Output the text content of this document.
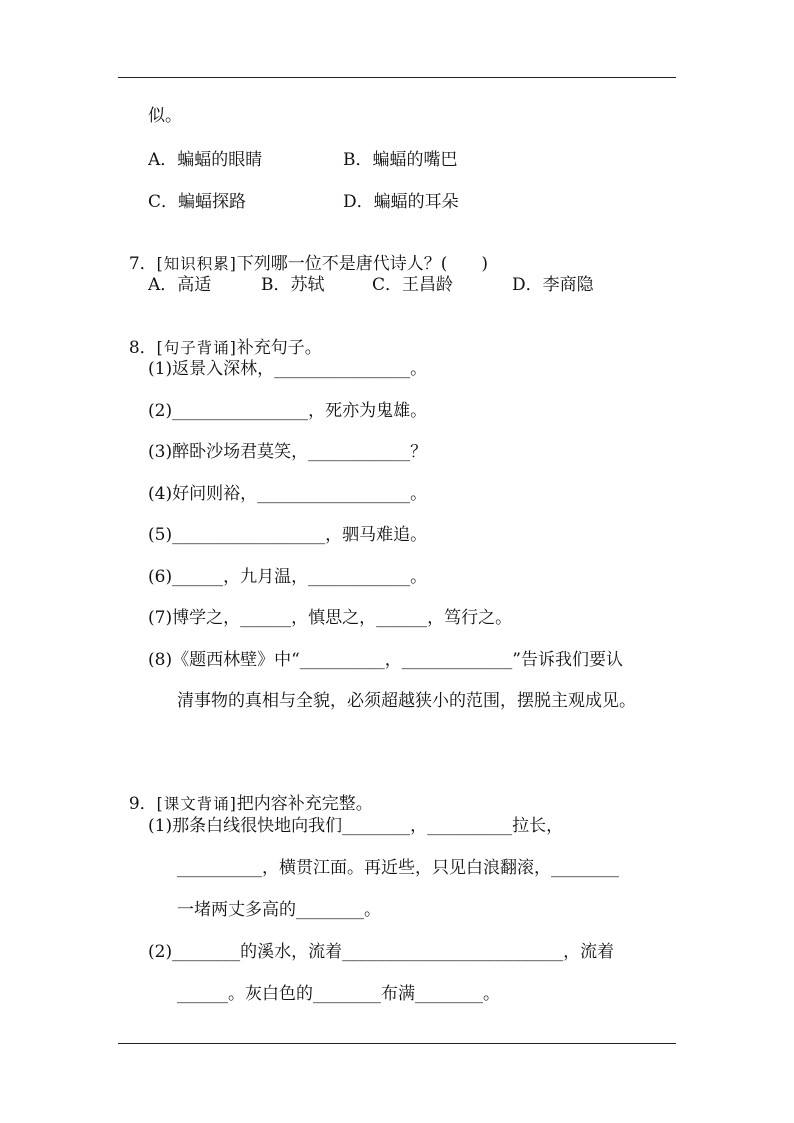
似。
A．蝙蝠的眼睛	B．蝙蝠的嘴巴
C．蝙蝠探路	D．蝙蝠的耳朵

7．[知识积累]下列哪一位不是唐代诗人？(　　)

A．高适	B．苏轼	C．王昌龄	D．李商隐

8．[句子背诵]补充句子。

(1)返景入深林，________________。
(2)________________，死亦为鬼雄。
(3)醉卧沙场君莫笑，____________？
(4)好问则裕，__________________。
(5)__________________，驷马难追。
(6)______，九月温，____________。
(7)博学之，______，慎思之，______，笃行之。
(8)《题西林壁》中“__________，_____________”告诉我们要认
清事物的真相与全貌，必须超越狭小的范围，摆脱主观成见。

9．[课文背诵]把内容补充完整。

(1)那条白线很快地向我们________，__________拉长，
__________，横贯江面。再近些，只见白浪翻滚，________
一堵两丈多高的________。
(2)________的溪水，流着__________________________，流着
______。灰白色的________布满________。
